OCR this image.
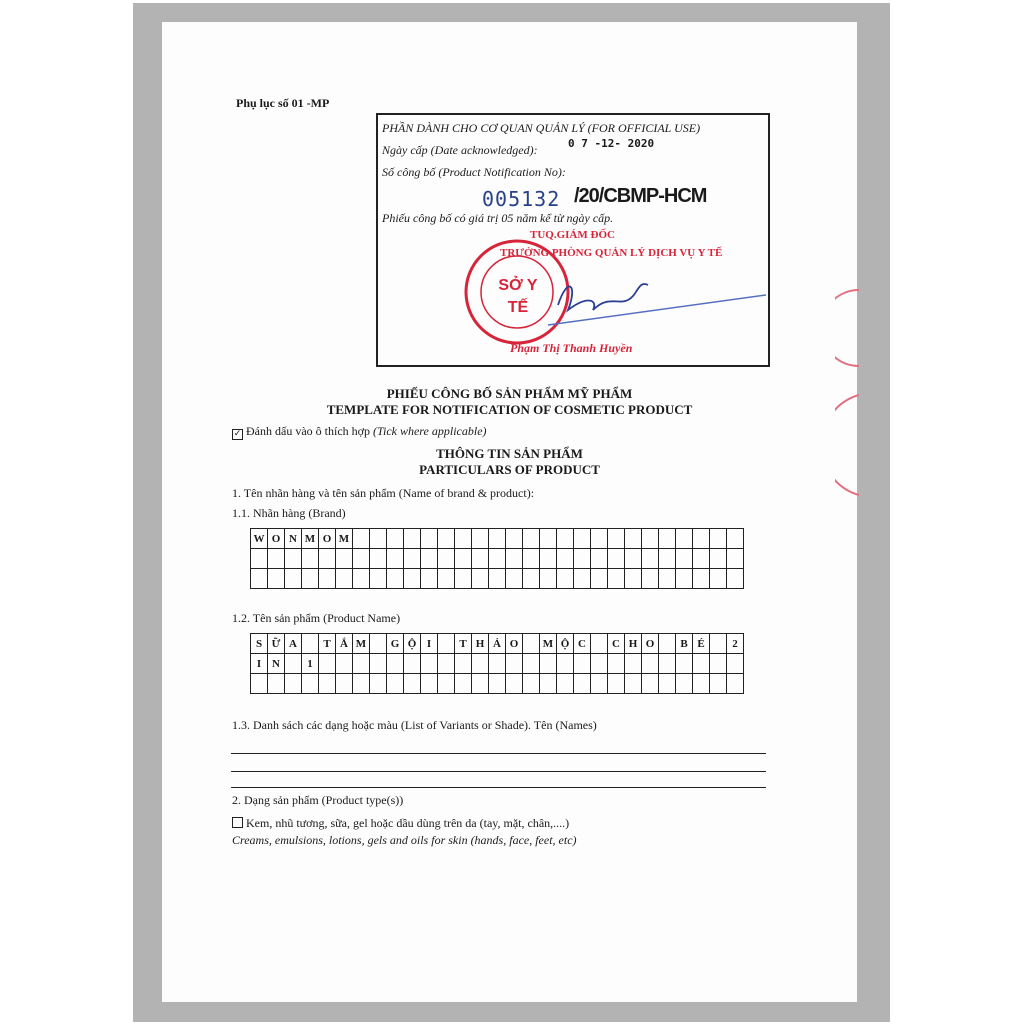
Phụ lục số 01 -MP
PHẦN DÀNH CHO CƠ QUAN QUẢN LÝ (FOR OFFICIAL USE)
Ngày cấp (Date acknowledged):	0 7 -12- 2020
Số công bố (Product Notification No):
005132 /20/CBMP-HCM
Phiếu công bố có giá trị 05 năm kể từ ngày cấp.
TUQ.GIÁM ĐỐC
TRƯỞNG PHÒNG QUẢN LÝ DỊCH VỤ Y TẾ
SỞ Y TẾ
Phạm Thị Thanh Huyền
PHIẾU CÔNG BỐ SẢN PHẨM MỸ PHẨM
TEMPLATE FOR NOTIFICATION OF COSMETIC PRODUCT
✓ Đánh dấu vào ô thích hợp (Tick where applicable)
THÔNG TIN SẢN PHẨM
PARTICULARS OF PRODUCT
1. Tên nhãn hàng và tên sản phẩm (Name of brand & product):
1.1. Nhãn hàng (Brand)
W	O	N	M	O	M																							

1.2. Tên sản phẩm (Product Name)
S	Ữ	A		T	Ắ	M		G	Ộ	I		T	H	Ả	O		M	Ộ	C		C	H	O		B	É		2
I	N		1																									

1.3. Danh sách các dạng hoặc màu (List of Variants or Shade). Tên (Names)
2. Dạng sản phẩm (Product type(s))
Kem, nhũ tương, sữa, gel hoặc dầu dùng trên da (tay, mặt, chân,....)
Creams, emulsions, lotions, gels and oils for skin (hands, face, feet, etc)
